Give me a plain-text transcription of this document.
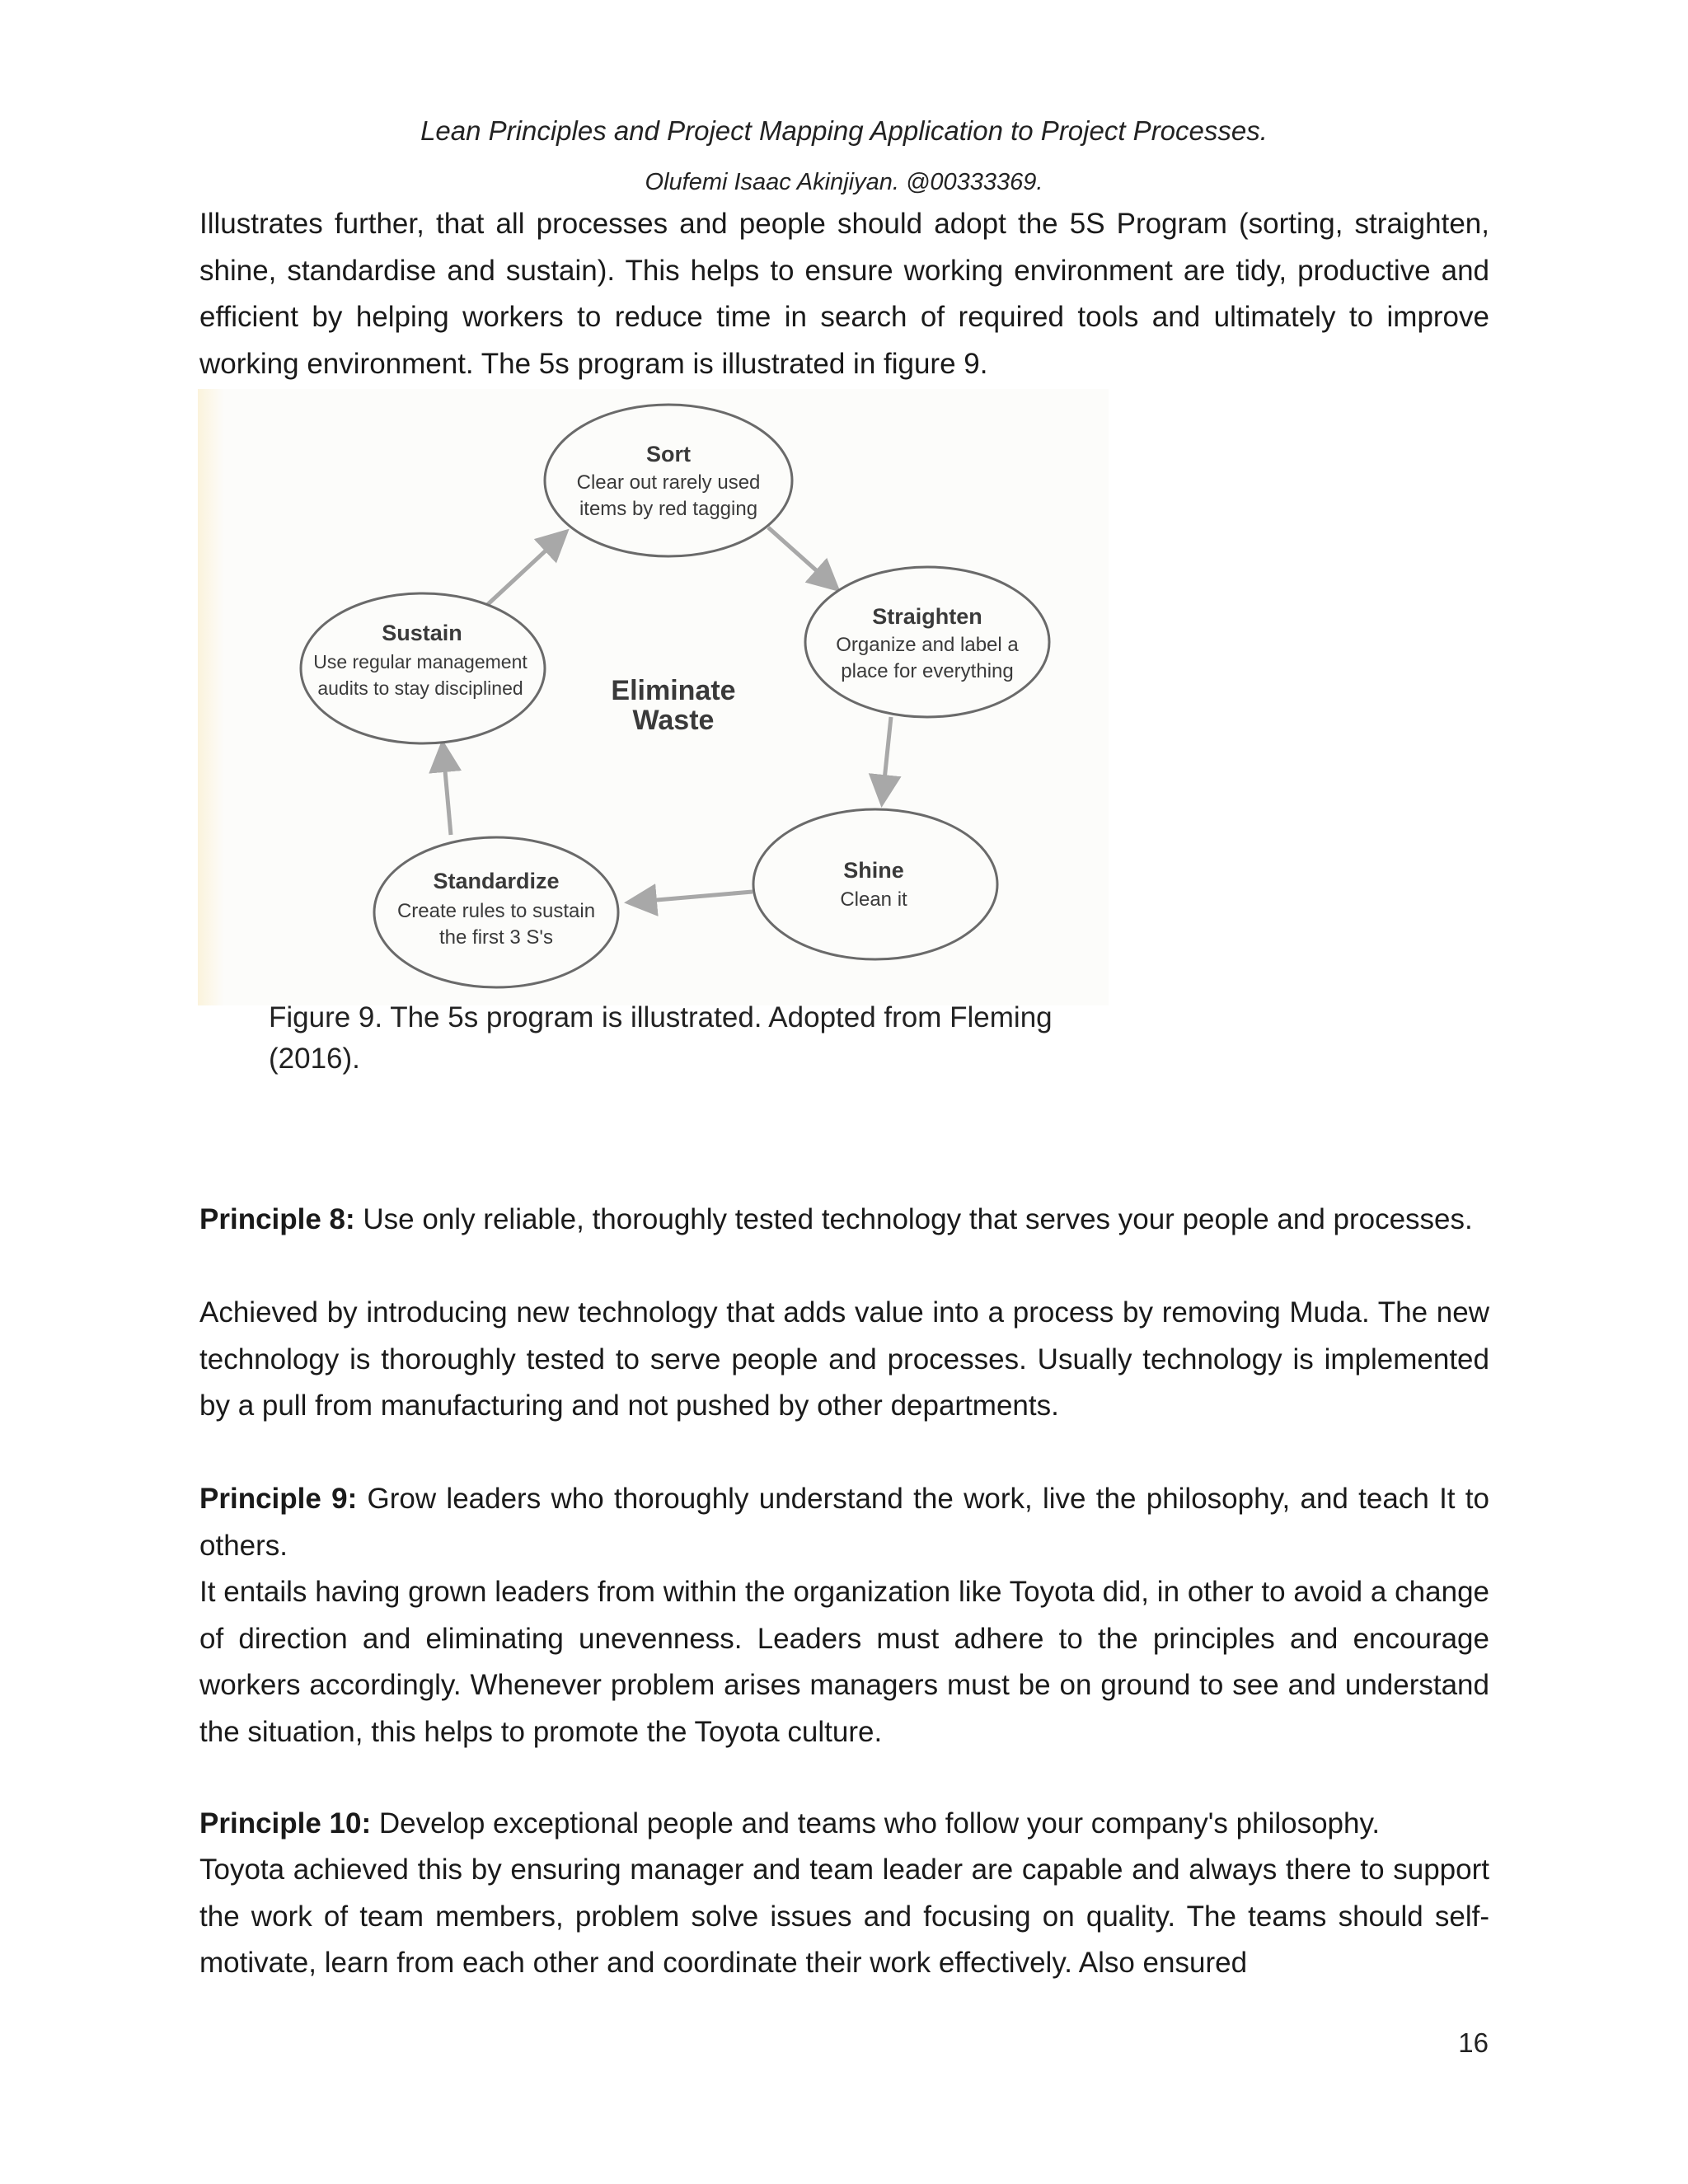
Lean Principles and Project Mapping Application to Project Processes.
Olufemi Isaac Akinjiyan. @00333369.

Illustrates further, that all processes and people should adopt the 5S Program (sorting, straighten, shine, standardise and sustain). This helps to ensure working environment are tidy, productive and efficient by helping workers to reduce time in search of required tools and ultimately to improve working environment. The 5s program is illustrated in figure 9.

Sort
Clear out rarely used
items by red tagging
Straighten
Organize and label a
place for everything
Shine
Clean it
Standardize
Create rules to sustain
the first 3 S's
Sustain
Use regular management
audits to stay disciplined	Eliminate
Waste
Figure 9. The 5s program is illustrated. Adopted from Fleming
(2016).

Principle 8: Use only reliable, thoroughly tested technology that serves your people and processes.

Achieved by introducing new technology that adds value into a process by removing Muda. The new technology is thoroughly tested to serve people and processes. Usually technology is implemented by a pull from manufacturing and not pushed by other departments.

Principle 9: Grow leaders who thoroughly understand the work, live the philosophy, and teach It to others.

It entails having grown leaders from within the organization like Toyota did, in other to avoid a change of direction and eliminating unevenness. Leaders must adhere to the principles and encourage workers accordingly. Whenever problem arises managers must be on ground to see and understand the situation, this helps to promote the Toyota culture.

Principle 10: Develop exceptional people and teams who follow your company's philosophy.

Toyota achieved this by ensuring manager and team leader are capable and always there to support the work of team members, problem solve issues and focusing on quality. The teams should self-motivate, learn from each other and coordinate their work effectively. Also ensured

16
